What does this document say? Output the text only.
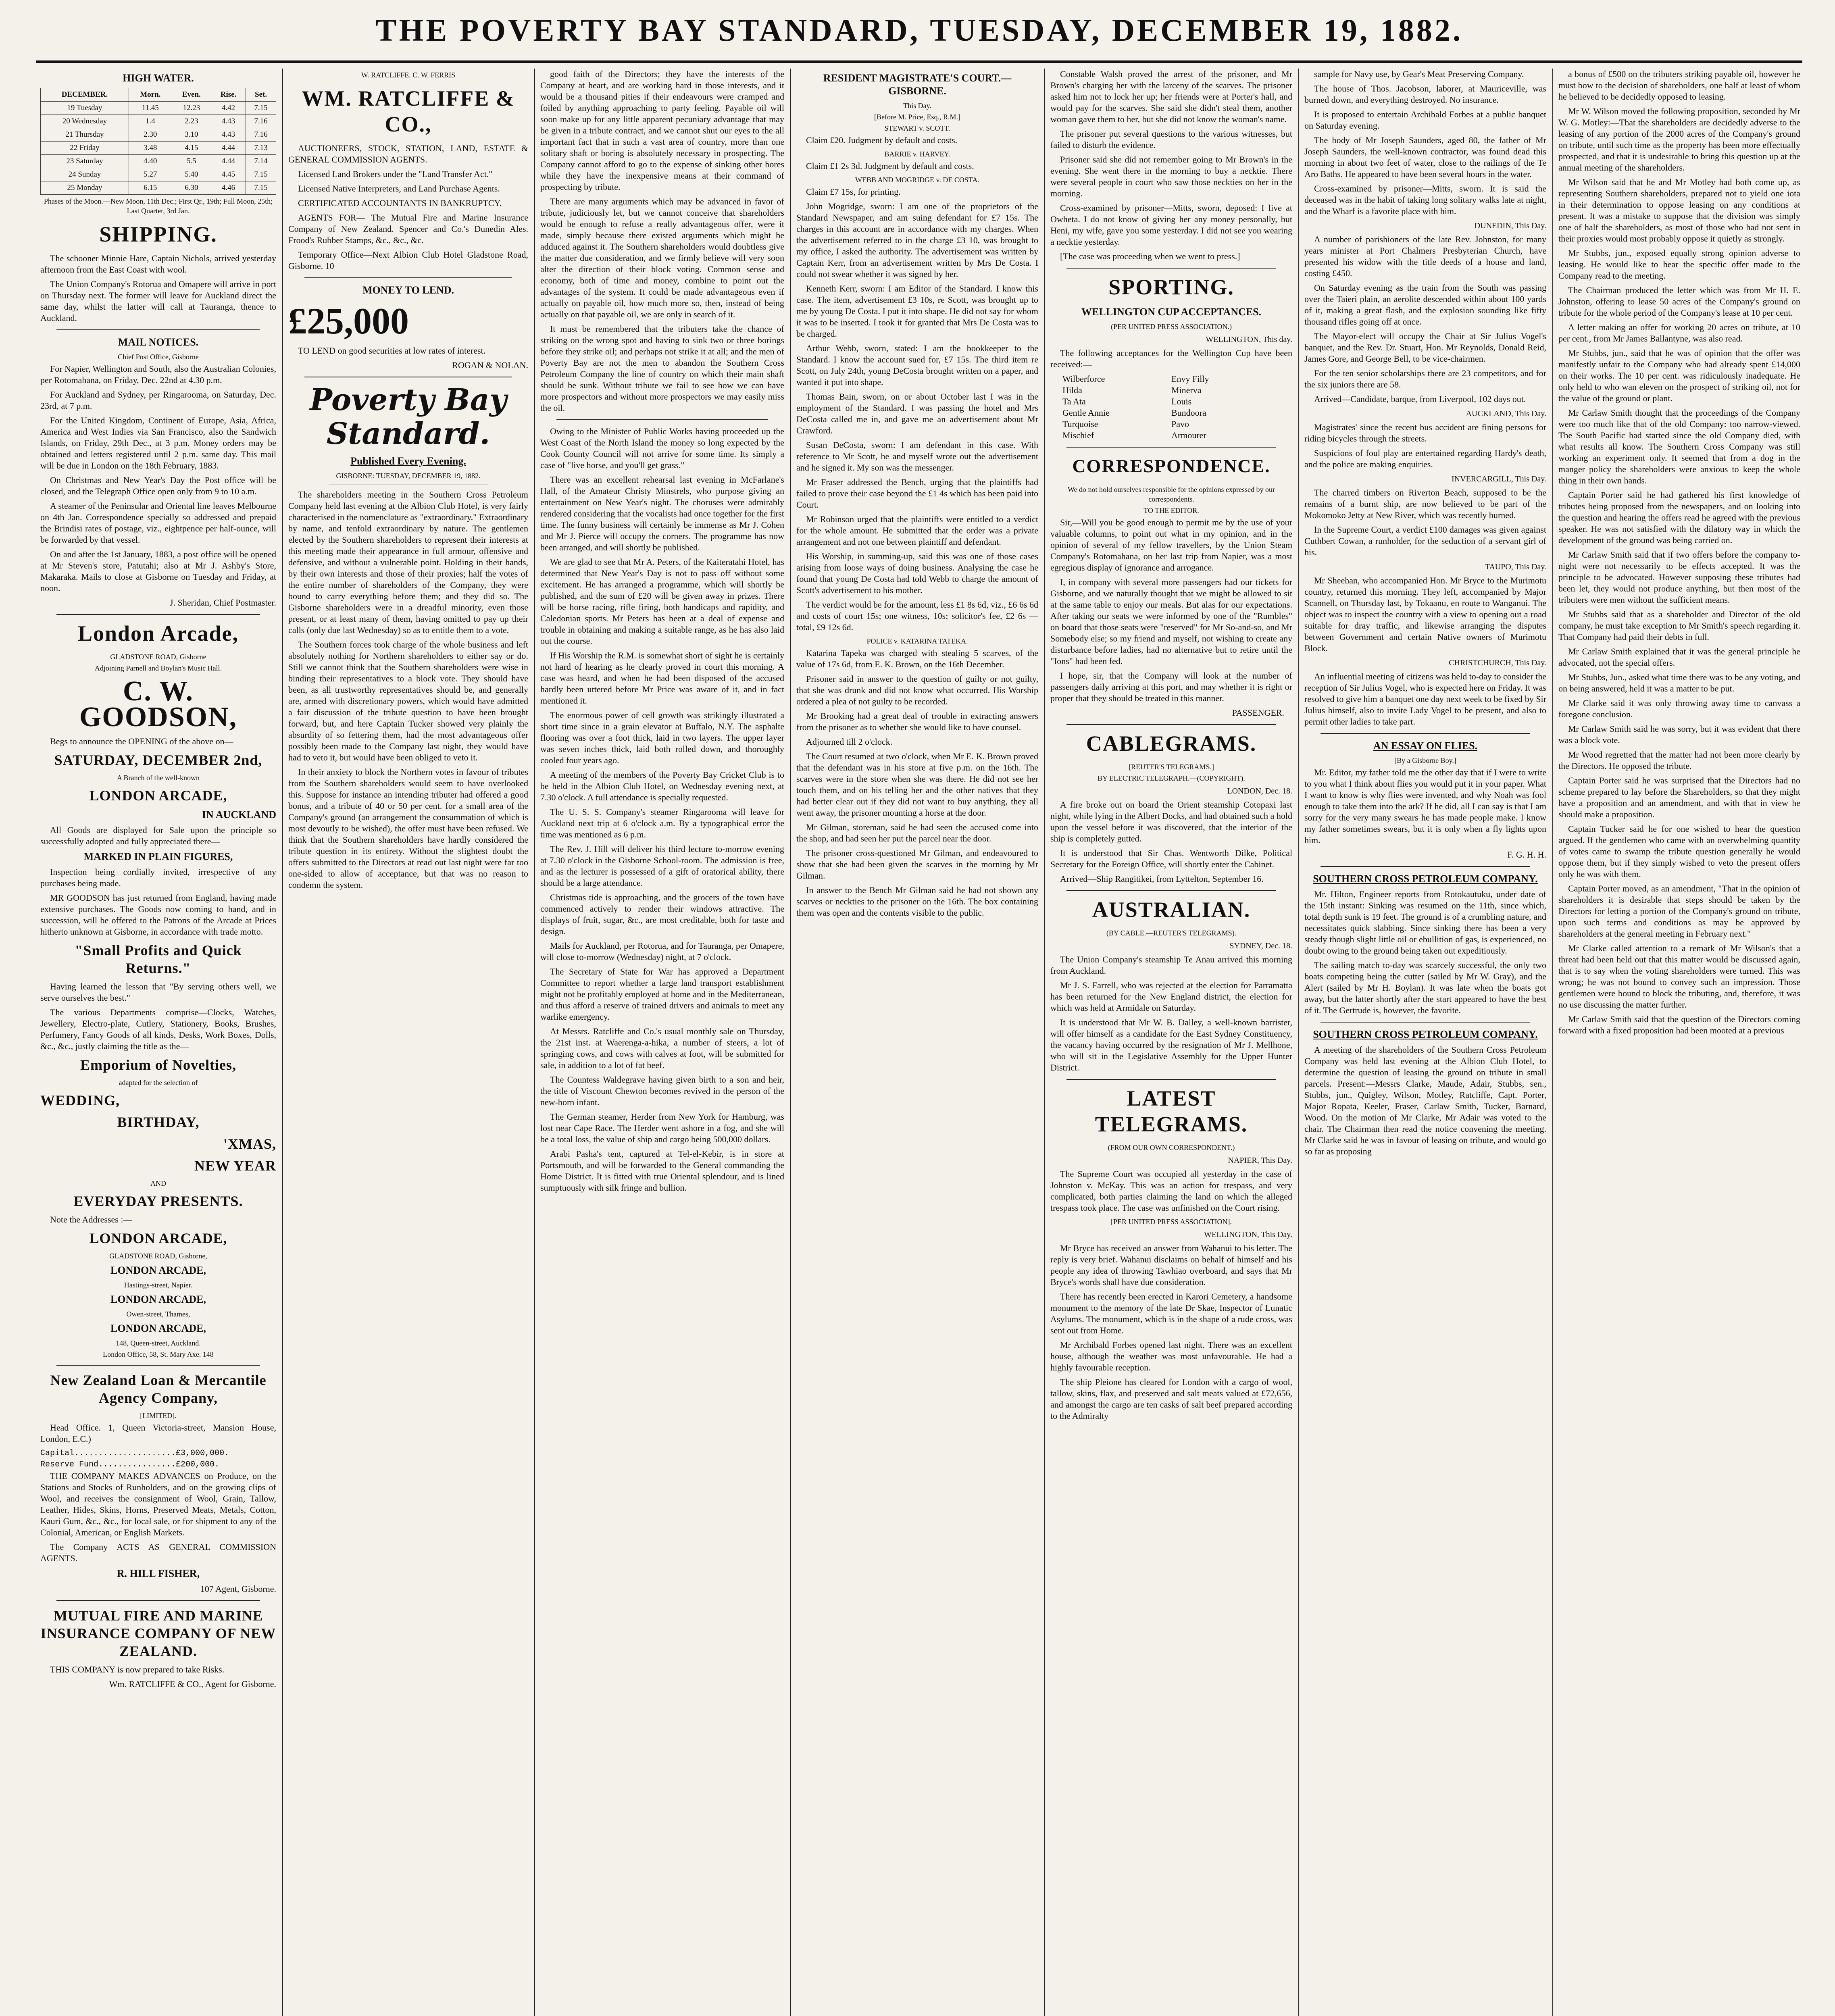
THE POVERTY BAY STANDARD, TUESDAY, DECEMBER 19, 1882.
HIGH WATER.
DECEMBER.	Morn.	Even.	Rise.	Set.
19 Tuesday	11.45	12.23	4.42	7.15
20 Wednesday	1.4	2.23	4.43	7.16
21 Thursday	2.30	3.10	4.43	7.16
22 Friday	3.48	4.15	4.44	7.13
23 Saturday	4.40	5.5	4.44	7.14
24 Sunday	5.27	5.40	4.45	7.15
25 Monday	6.15	6.30	4.46	7.15
Phases of the Moon.—New Moon, 11th Dec.; First Qr., 19th; Full Moon, 25th; Last Quarter, 3rd Jan.
SHIPPING.

The schooner Minnie Hare, Captain Nichols, arrived yesterday afternoon from the East Coast with wool.

The Union Company's Rotorua and Omapere will arrive in port on Thursday next. The former will leave for Auckland direct the same day, whilst the latter will call at Tauranga, thence to Auckland.

MAIL NOTICES.
Chief Post Office, Gisborne

For Napier, Wellington and South, also the Australian Colonies, per Rotomahana, on Friday, Dec. 22nd at 4.30 p.m.

For Auckland and Sydney, per Ringarooma, on Saturday, Dec. 23rd, at 7 p.m.

For the United Kingdom, Continent of Europe, Asia, Africa, America and West Indies via San Francisco, also the Sandwich Islands, on Friday, 29th Dec., at 3 p.m. Money orders may be obtained and letters registered until 2 p.m. same day. This mail will be due in London on the 18th February, 1883.

On Christmas and New Year's Day the Post office will be closed, and the Telegraph Office open only from 9 to 10 a.m.

A steamer of the Peninsular and Oriental line leaves Melbourne on 4th Jan. Correspondence specially so addressed and prepaid the Brindisi rates of postage, viz., eightpence per half-ounce, will be forwarded by that vessel.

On and after the 1st January, 1883, a post office will be opened at Mr Steven's store, Patutahi; also at Mr J. Ashby's Store, Makaraka. Mails to close at Gisborne on Tuesday and Friday, at noon.

J. Sheridan, Chief Postmaster.
London Arcade,
GLADSTONE ROAD, Gisborne
Adjoining Parnell and Boylan's Music Hall.
C. W. GOODSON,

Begs to announce the OPENING of the above on—

SATURDAY, DECEMBER 2nd,
A Branch of the well-known
LONDON ARCADE,
IN AUCKLAND

All Goods are displayed for Sale upon the principle so successfully adopted and fully appreciated there—

MARKED IN PLAIN FIGURES,

Inspection being cordially invited, irrespective of any purchases being made.

MR GOODSON has just returned from England, having made extensive purchases. The Goods now coming to hand, and in succession, will be offered to the Patrons of the Arcade at Prices hitherto unknown at Gisborne, in accordance with trade motto.

"Small Profits and Quick Returns."

Having learned the lesson that "By serving others well, we serve ourselves the best."

The various Departments comprise—Clocks, Watches, Jewellery, Electro-plate, Cutlery, Stationery, Books, Brushes, Perfumery, Fancy Goods of all kinds, Desks, Work Boxes, Dolls, &c., &c., justly claiming the title as the—

Emporium of Novelties,
adapted for the selection of
WEDDING,
BIRTHDAY,
'XMAS,
NEW YEAR
—AND—
EVERYDAY PRESENTS.

Note the Addresses :—

LONDON ARCADE,
GLADSTONE ROAD, Gisborne,
LONDON ARCADE,
Hastings-street, Napier.
LONDON ARCADE,
Owen-street, Thames,
LONDON ARCADE,
148, Queen-street, Auckland.
London Office, 58, St. Mary Axe. 148
New Zealand Loan & Mercantile Agency Company,
[LIMITED].

Head Office. 1, Queen Victoria-street, Mansion House, London, E.C.)

Capital.....................£3,000,000.
Reserve Fund................£200,000.

THE COMPANY MAKES ADVANCES on Produce, on the Stations and Stocks of Runholders, and on the growing clips of Wool, and receives the consignment of Wool, Grain, Tallow, Leather, Hides, Skins, Horns, Preserved Meats, Metals, Cotton, Kauri Gum, &c., &c., for local sale, or for shipment to any of the Colonial, American, or English Markets.

The Company ACTS AS GENERAL COMMISSION AGENTS.

R. HILL FISHER,
107 Agent, Gisborne.
MUTUAL FIRE AND MARINE INSURANCE COMPANY OF NEW ZEALAND.

THIS COMPANY is now prepared to take Risks.

Wm. RATCLIFFE & CO., Agent for Gisborne.
W. RATCLIFFE. C. W. FERRIS
WM. RATCLIFFE & CO.,

AUCTIONEERS, STOCK, STATION, LAND, ESTATE & GENERAL COMMISSION AGENTS.

Licensed Land Brokers under the "Land Transfer Act."

Licensed Native Interpreters, and Land Purchase Agents.

CERTIFICATED ACCOUNTANTS IN BANKRUPTCY.

AGENTS FOR— The Mutual Fire and Marine Insurance Company of New Zealand. Spencer and Co.'s Dunedin Ales. Frood's Rubber Stamps, &c., &c., &c.

Temporary Office—Next Albion Club Hotel Gladstone Road, Gisborne. 10

MONEY TO LEND.
£25,000

TO LEND on good securities at low rates of interest.

ROGAN & NOLAN.
Poverty Bay Standard.
Published Every Evening.
GISBORNE: TUESDAY, DECEMBER 19, 1882.

The shareholders meeting in the Southern Cross Petroleum Company held last evening at the Albion Club Hotel, is very fairly characterised in the nomenclature as "extraordinary." Extraordinary by name, and tenfold extraordinary by nature. The gentlemen elected by the Southern shareholders to represent their interests at this meeting made their appearance in full armour, offensive and defensive, and without a vulnerable point. Holding in their hands, by their own interests and those of their proxies; half the votes of the entire number of shareholders of the Company, they were bound to carry everything before them; and they did so. The Gisborne shareholders were in a dreadful minority, even those present, or at least many of them, having omitted to pay up their calls (only due last Wednesday) so as to entitle them to a vote.

The Southern forces took charge of the whole business and left absolutely nothing for Northern shareholders to either say or do. Still we cannot think that the Southern shareholders were wise in binding their representatives to a block vote. They should have been, as all trustworthy representatives should be, and generally are, armed with discretionary powers, which would have admitted a fair discussion of the tribute question to have been brought forward, but, and here Captain Tucker showed very plainly the absurdity of so fettering them, had the most advantageous offer possibly been made to the Company last night, they would have had to veto it, but would have been obliged to veto it.

In their anxiety to block the Northern votes in favour of tributes from the Southern shareholders would seem to have overlooked this. Suppose for instance an intending tributer had offered a good bonus, and a tribute of 40 or 50 per cent. for a small area of the Company's ground (an arrangement the consummation of which is most devoutly to be wished), the offer must have been refused. We think that the Southern shareholders have hardly considered the tribute question in its entirety. Without the slightest doubt the offers submitted to the Directors at read out last night were far too one-sided to allow of acceptance, but that was no reason to condemn the system.

good faith of the Directors; they have the interests of the Company at heart, and are working hard in those interests, and it would be a thousand pities if their endeavours were cramped and foiled by anything approaching to party feeling. Payable oil will soon make up for any little apparent pecuniary advantage that may be given in a tribute contract, and we cannot shut our eyes to the all important fact that in such a vast area of country, more than one solitary shaft or boring is absolutely necessary in prospecting. The Company cannot afford to go to the expense of sinking other bores while they have the inexpensive means at their command of prospecting by tribute.

There are many arguments which may be advanced in favor of tribute, judiciously let, but we cannot conceive that shareholders would be enough to refuse a really advantageous offer, were it made, simply because there existed arguments which might be adduced against it. The Southern shareholders would doubtless give the matter due consideration, and we firmly believe will very soon alter the direction of their block voting. Common sense and economy, both of time and money, combine to point out the advantages of the system. It could be made advantageous even if actually on payable oil, how much more so, then, instead of being actually on that payable oil, we are only in search of it.

It must be remembered that the tributers take the chance of striking on the wrong spot and having to sink two or three borings before they strike oil; and perhaps not strike it at all; and the men of Poverty Bay are not the men to abandon the Southern Cross Petroleum Company the line of country on which their main shaft should be sunk. Without tribute we fail to see how we can have more prospectors and without more prospectors we may easily miss the oil.

Owing to the Minister of Public Works having proceeded up the West Coast of the North Island the money so long expected by the Cook County Council will not arrive for some time. Its simply a case of "live horse, and you'll get grass."

There was an excellent rehearsal last evening in McFarlane's Hall, of the Amateur Christy Minstrels, who purpose giving an entertainment on New Year's night. The choruses were admirably rendered considering that the vocalists had once together for the first time. The funny business will certainly be immense as Mr J. Cohen and Mr J. Pierce will occupy the corners. The programme has now been arranged, and will shortly be published.

We are glad to see that Mr A. Peters, of the Kaiteratahi Hotel, has determined that New Year's Day is not to pass off without some excitement. He has arranged a programme, which will shortly be published, and the sum of £20 will be given away in prizes. There will be horse racing, rifle firing, both handicaps and rapidity, and Caledonian sports. Mr Peters has been at a deal of expense and trouble in obtaining and making a suitable range, as he has also laid out the course.

If His Worship the R.M. is somewhat short of sight he is certainly not hard of hearing as he clearly proved in court this morning. A case was heard, and when he had been disposed of the accused hardly been uttered before Mr Price was aware of it, and in fact mentioned it.

The enormous power of cell growth was strikingly illustrated a short time since in a grain elevator at Buffalo, N.Y. The asphalte flooring was over a foot thick, laid in two layers. The upper layer was seven inches thick, laid both rolled down, and thoroughly cooled four years ago.

A meeting of the members of the Poverty Bay Cricket Club is to be held in the Albion Club Hotel, on Wednesday evening next, at 7.30 o'clock. A full attendance is specially requested.

The U. S. S. Company's steamer Ringarooma will leave for Auckland next trip at 6 o'clock a.m. By a typographical error the time was mentioned as 6 p.m.

The Rev. J. Hill will deliver his third lecture to-morrow evening at 7.30 o'clock in the Gisborne School-room. The admission is free, and as the lecturer is possessed of a gift of oratorical ability, there should be a large attendance.

Christmas tide is approaching, and the grocers of the town have commenced actively to render their windows attractive. The displays of fruit, sugar, &c., are most creditable, both for taste and design.

Mails for Auckland, per Rotorua, and for Tauranga, per Omapere, will close to-morrow (Wednesday) night, at 7 o'clock.

The Secretary of State for War has approved a Department Committee to report whether a large land transport establishment might not be profitably employed at home and in the Mediterranean, and thus afford a reserve of trained drivers and animals to meet any warlike emergency.

At Messrs. Ratcliffe and Co.'s usual monthly sale on Thursday, the 21st inst. at Waerenga-a-hika, a number of steers, a lot of springing cows, and cows with calves at foot, will be submitted for sale, in addition to a lot of fat beef.

The Countess Waldegrave having given birth to a son and heir, the title of Viscount Chewton becomes revived in the person of the new-born infant.

The German steamer, Herder from New York for Hamburg, was lost near Cape Race. The Herder went ashore in a fog, and she will be a total loss, the value of ship and cargo being 500,000 dollars.

Arabi Pasha's tent, captured at Tel-el-Kebir, is in store at Portsmouth, and will be forwarded to the General commanding the Home District. It is fitted with true Oriental splendour, and is lined sumptuously with silk fringe and bullion.

RESIDENT MAGISTRATE'S COURT.—GISBORNE.
This Day.
[Before M. Price, Esq., R.M.]
STEWART v. SCOTT.

Claim £20. Judgment by default and costs.

BARRIE v. HARVEY.

Claim £1 2s 3d. Judgment by default and costs.

WEBB AND MOGRIDGE v. DE COSTA.

Claim £7 15s, for printing.

John Mogridge, sworn: I am one of the proprietors of the Standard Newspaper, and am suing defendant for £7 15s. The charges in this account are in accordance with my charges. When the advertisement referred to in the charge £3 10, was brought to my office, I asked the authority. The advertisement was written by Captain Kerr, from an advertisement written by Mrs De Costa. I could not swear whether it was signed by her.

Kenneth Kerr, sworn: I am Editor of the Standard. I know this case. The item, advertisement £3 10s, re Scott, was brought up to me by young De Costa. I put it into shape. He did not say for whom it was to be inserted. I took it for granted that Mrs De Costa was to be charged.

Arthur Webb, sworn, stated: I am the bookkeeper to the Standard. I know the account sued for, £7 15s. The third item re Scott, on July 24th, young DeCosta brought written on a paper, and wanted it put into shape.

Thomas Bain, sworn, on or about October last I was in the employment of the Standard. I was passing the hotel and Mrs DeCosta called me in, and gave me an advertisement about Mr Crawford.

Susan DeCosta, sworn: I am defendant in this case. With reference to Mr Scott, he and myself wrote out the advertisement and he signed it. My son was the messenger.

Mr Fraser addressed the Bench, urging that the plaintiffs had failed to prove their case beyond the £1 4s which has been paid into Court.

Mr Robinson urged that the plaintiffs were entitled to a verdict for the whole amount. He submitted that the order was a private arrangement and not one between plaintiff and defendant.

His Worship, in summing-up, said this was one of those cases arising from loose ways of doing business. Analysing the case he found that young De Costa had told Webb to charge the amount of Scott's advertisement to his mother.

The verdict would be for the amount, less £1 8s 6d, viz., £6 6s 6d and costs of court 15s; one witness, 10s; solicitor's fee, £2 6s —total, £9 12s 6d.

POLICE v. KATARINA TATEKA.

Katarina Tapeka was charged with stealing 5 scarves, of the value of 17s 6d, from E. K. Brown, on the 16th December.

Prisoner said in answer to the question of guilty or not guilty, that she was drunk and did not know what occurred. His Worship ordered a plea of not guilty to be recorded.

Mr Brooking had a great deal of trouble in extracting answers from the prisoner as to whether she would like to have counsel.

Adjourned till 2 o'clock.

The Court resumed at two o'clock, when Mr E. K. Brown proved that the defendant was in his store at five p.m. on the 16th. The scarves were in the store when she was there. He did not see her touch them, and on his telling her and the other natives that they had better clear out if they did not want to buy anything, they all went away, the prisoner mounting a horse at the door.

Mr Gilman, storeman, said he had seen the accused come into the shop, and had seen her put the parcel near the door.

The prisoner cross-questioned Mr Gilman, and endeavoured to show that she had been given the scarves in the morning by Mr Gilman.

In answer to the Bench Mr Gilman said he had not shown any scarves or neckties to the prisoner on the 16th. The box containing them was open and the contents visible to the public.

Constable Walsh proved the arrest of the prisoner, and Mr Brown's charging her with the larceny of the scarves. The prisoner asked him not to lock her up; her friends were at Porter's hall, and would pay for the scarves. She said she didn't steal them, another woman gave them to her, but she did not know the woman's name.

The prisoner put several questions to the various witnesses, but failed to disturb the evidence.

Prisoner said she did not remember going to Mr Brown's in the evening. She went there in the morning to buy a necktie. There were several people in court who saw those neckties on her in the morning.

Cross-examined by prisoner—Mitts, sworn, deposed: I live at Owheta. I do not know of giving her any money personally, but Heni, my wife, gave you some yesterday. I did not see you wearing a necktie yesterday.

[The case was proceeding when we went to press.]

SPORTING.
WELLINGTON CUP ACCEPTANCES.
(PER UNITED PRESS ASSOCIATION.)
WELLINGTON, This day.

The following acceptances for the Wellington Cup have been received:—

Wilberforce	Envy Filly
Hilda	Minerva
Ta Ata	Louis
Gentle Annie	Bundoora
Turquoise	Pavo
Mischief	Armourer
CORRESPONDENCE.
We do not hold ourselves responsible for the opinions expressed by our correspondents.
TO THE EDITOR.

Sir,—Will you be good enough to permit me by the use of your valuable columns, to point out what in my opinion, and in the opinion of several of my fellow travellers, by the Union Steam Company's Rotomahana, on her last trip from Napier, was a most egregious display of ignorance and arrogance.

I, in company with several more passengers had our tickets for Gisborne, and we naturally thought that we might be allowed to sit at the same table to enjoy our meals. But alas for our expectations. After taking our seats we were informed by one of the "Rumbles" on board that those seats were "reserved" for Mr So-and-so, and Mr Somebody else; so my friend and myself, not wishing to create any disturbance before ladies, had no alternative but to retire until the "Ions" had been fed.

I hope, sir, that the Company will look at the number of passengers daily arriving at this port, and may whether it is right or proper that they should be treated in this manner.

PASSENGER.
CABLEGRAMS.
[REUTER'S TELEGRAMS.]
BY ELECTRIC TELEGRAPH.—(COPYRIGHT).
LONDON, Dec. 18.

A fire broke out on board the Orient steamship Cotopaxi last night, while lying in the Albert Docks, and had obtained such a hold upon the vessel before it was discovered, that the interior of the ship is completely gutted.

It is understood that Sir Chas. Wentworth Dilke, Political Secretary for the Foreign Office, will shortly enter the Cabinet.

Arrived—Ship Rangitikei, from Lyttelton, September 16.

AUSTRALIAN.
(BY CABLE.—REUTER'S TELEGRAMS).
SYDNEY, Dec. 18.

The Union Company's steamship Te Anau arrived this morning from Auckland.

Mr J. S. Farrell, who was rejected at the election for Parramatta has been returned for the New England district, the election for which was held at Armidale on Saturday.

It is understood that Mr W. B. Dalley, a well-known barrister, will offer himself as a candidate for the East Sydney Constituency, the vacancy having occurred by the resignation of Mr J. Mellhone, who will sit in the Legislative Assembly for the Upper Hunter District.

LATEST TELEGRAMS.
(FROM OUR OWN CORRESPONDENT.)
NAPIER, This Day.

The Supreme Court was occupied all yesterday in the case of Johnston v. McKay. This was an action for trespass, and very complicated, both parties claiming the land on which the alleged trespass took place. The case was unfinished on the Court rising.

[PER UNITED PRESS ASSOCIATION].
WELLINGTON, This Day.

Mr Bryce has received an answer from Wahanui to his letter. The reply is very brief. Wahanui disclaims on behalf of himself and his people any idea of throwing Tawhiao overboard, and says that Mr Bryce's words shall have due consideration.

There has recently been erected in Karori Cemetery, a handsome monument to the memory of the late Dr Skae, Inspector of Lunatic Asylums. The monument, which is in the shape of a rude cross, was sent out from Home.

Mr Archibald Forbes opened last night. There was an excellent house, although the weather was most unfavourable. He had a highly favourable reception.

The ship Pleione has cleared for London with a cargo of wool, tallow, skins, flax, and preserved and salt meats valued at £72,656, and amongst the cargo are ten casks of salt beef prepared according to the Admiralty

sample for Navy use, by Gear's Meat Preserving Company.

The house of Thos. Jacobson, laborer, at Mauriceville, was burned down, and everything destroyed. No insurance.

It is proposed to entertain Archibald Forbes at a public banquet on Saturday evening.

The body of Mr Joseph Saunders, aged 80, the father of Mr Joseph Saunders, the well-known contractor, was found dead this morning in about two feet of water, close to the railings of the Te Aro Baths. He appeared to have been several hours in the water.

Cross-examined by prisoner—Mitts, sworn. It is said the deceased was in the habit of taking long solitary walks late at night, and the Wharf is a favorite place with him.

DUNEDIN, This Day.

A number of parishioners of the late Rev. Johnston, for many years minister at Port Chalmers Presbyterian Church, have presented his widow with the title deeds of a house and land, costing £450.

On Saturday evening as the train from the South was passing over the Taieri plain, an aerolite descended within about 100 yards of it, making a great flash, and the explosion sounding like fifty thousand rifles going off at once.

The Mayor-elect will occupy the Chair at Sir Julius Vogel's banquet, and the Rev. Dr. Stuart, Hon. Mr Reynolds, Donald Reid, James Gore, and George Bell, to be vice-chairmen.

For the ten senior scholarships there are 23 competitors, and for the six juniors there are 58.

Arrived—Candidate, barque, from Liverpool, 102 days out.

AUCKLAND, This Day.

Magistrates' since the recent bus accident are fining persons for riding bicycles through the streets.

Suspicions of foul play are entertained regarding Hardy's death, and the police are making enquiries.

INVERCARGILL, This Day.

The charred timbers on Riverton Beach, supposed to be the remains of a burnt ship, are now believed to be part of the Mokomoko Jetty at New River, which was recently burned.

In the Supreme Court, a verdict £100 damages was given against Cuthbert Cowan, a runholder, for the seduction of a servant girl of his.

TAUPO, This Day.

Mr Sheehan, who accompanied Hon. Mr Bryce to the Murimotu country, returned this morning. They left, accompanied by Major Scannell, on Thursday last, by Tokaanu, en route to Wanganui. The object was to inspect the country with a view to opening out a road suitable for dray traffic, and likewise arranging the disputes between Government and certain Native owners of Murimotu Block.

CHRISTCHURCH, This Day.

An influential meeting of citizens was held to-day to consider the reception of Sir Julius Vogel, who is expected here on Friday. It was resolved to give him a banquet one day next week to be fixed by Sir Julius himself, also to invite Lady Vogel to be present, and also to permit other ladies to take part.

AN ESSAY ON FLIES.
[By a Gisborne Boy.]

Mr. Editor, my father told me the other day that if I were to write to you what I think about flies you would put it in your paper. What I want to know is why flies were invented, and why Noah was fool enough to take them into the ark? If he did, all I can say is that I am sorry for the very many swears he has made people make. I know my father sometimes swears, but it is only when a fly lights upon him.

F. G. H. H.
SOUTHERN CROSS PETROLEUM COMPANY.

Mr. Hilton, Engineer reports from Rotokautuku, under date of the 15th instant: Sinking was resumed on the 11th, since which, total depth sunk is 19 feet. The ground is of a crumbling nature, and necessitates quick slabbing. Since sinking there has been a very steady though slight little oil or ebullition of gas, is experienced, no doubt owing to the ground being taken out expeditiously.

The sailing match to-day was scarcely successful, the only two boats competing being the cutter (sailed by Mr W. Gray), and the Alert (sailed by Mr H. Boylan). It was late when the boats got away, but the latter shortly after the start appeared to have the best of it. The Gertrude is, however, the favorite.

SOUTHERN CROSS PETROLEUM COMPANY.

A meeting of the shareholders of the Southern Cross Petroleum Company was held last evening at the Albion Club Hotel, to determine the question of leasing the ground on tribute in small parcels. Present:—Messrs Clarke, Maude, Adair, Stubbs, sen., Stubbs, jun., Quigley, Wilson, Motley, Ratcliffe, Capt. Porter, Major Ropata, Keeler, Fraser, Carlaw Smith, Tucker, Barnard, Wood. On the motion of Mr Clarke, Mr Adair was voted to the chair. The Chairman then read the notice convening the meeting. Mr Clarke said he was in favour of leasing on tribute, and would go so far as proposing

a bonus of £500 on the tributers striking payable oil, however he must bow to the decision of shareholders, one half at least of whom he believed to be decidedly opposed to leasing.

Mr W. Wilson moved the following proposition, seconded by Mr W. G. Motley:—That the shareholders are decidedly adverse to the leasing of any portion of the 2000 acres of the Company's ground on tribute, until such time as the property has been more effectually prospected, and that it is undesirable to bring this question up at the annual meeting of the shareholders.

Mr Wilson said that he and Mr Motley had both come up, as representing Southern shareholders, prepared not to yield one iota in their determination to oppose leasing on any conditions at present. It was a mistake to suppose that the division was simply one of half the shareholders, as most of those who had not sent in their proxies would most probably oppose it quietly as strongly.

Mr Stubbs, jun., exposed equally strong opinion adverse to leasing. He would like to hear the specific offer made to the Company read to the meeting.

The Chairman produced the letter which was from Mr H. E. Johnston, offering to lease 50 acres of the Company's ground on tribute for the whole period of the Company's lease at 10 per cent.

A letter making an offer for working 20 acres on tribute, at 10 per cent., from Mr James Ballantyne, was also read.

Mr Stubbs, jun., said that he was of opinion that the offer was manifestly unfair to the Company who had already spent £14,000 on their works. The 10 per cent. was ridiculously inadequate. He only held to who wan eleven on the prospect of striking oil, not for the value of the ground or plant.

Mr Carlaw Smith thought that the proceedings of the Company were too much like that of the old Company: too narrow-viewed. The South Pacific had started since the old Company died, with what results all know. The Southern Cross Company was still working an experiment only. It seemed that from a dog in the manger policy the shareholders were anxious to keep the whole thing in their own hands.

Captain Porter said he had gathered his first knowledge of tributes being proposed from the newspapers, and on looking into the question and hearing the offers read he agreed with the previous speaker. He was not satisfied with the dilatory way in which the development of the ground was being carried on.

Mr Carlaw Smith said that if two offers before the company to-night were not necessarily to be effects accepted. It was the principle to be advocated. However supposing these tributes had been let, they would not produce anything, but then most of the tributers were men without the sufficient means.

Mr Stubbs said that as a shareholder and Director of the old company, he must take exception to Mr Smith's speech regarding it. That Company had paid their debts in full.

Mr Carlaw Smith explained that it was the general principle he advocated, not the special offers.

Mr Stubbs, Jun., asked what time there was to be any voting, and on being answered, held it was a matter to be put.

Mr Clarke said it was only throwing away time to canvass a foregone conclusion.

Mr Carlaw Smith said he was sorry, but it was evident that there was a block vote.

Mr Wood regretted that the matter had not been more clearly by the Directors. He opposed the tribute.

Captain Porter said he was surprised that the Directors had no scheme prepared to lay before the Shareholders, so that they might have a proposition and an amendment, and with that in view he should make a proposition.

Captain Tucker said he for one wished to hear the question argued. If the gentlemen who came with an overwhelming quantity of votes came to swamp the tribute question generally he would oppose them, but if they simply wished to veto the present offers only he was with them.

Captain Porter moved, as an amendment, "That in the opinion of shareholders it is desirable that steps should be taken by the Directors for letting a portion of the Company's ground on tribute, upon such terms and conditions as may be approved by shareholders at the general meeting in February next."

Mr Clarke called attention to a remark of Mr Wilson's that a threat had been held out that this matter would be discussed again, that is to say when the voting shareholders were turned. This was wrong; he was not bound to convey such an impression. Those gentlemen were bound to block the tributing, and, therefore, it was no use discussing the matter further.

Mr Carlaw Smith said that the question of the Directors coming forward with a fixed proposition had been mooted at a previous
